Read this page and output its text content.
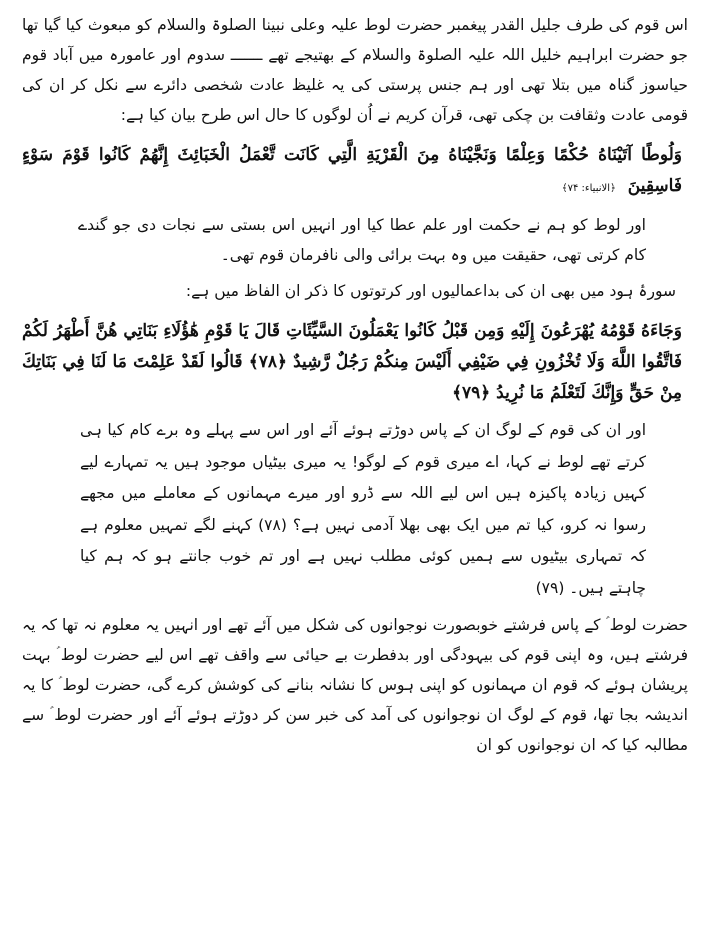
اس قوم کی طرف جلیل القدر پیغمبر حضرت لوط علیہ وعلی نبینا الصلوۃ والسلام کو مبعوث کیا گیا تھا جو حضرت ابراہیم خلیل اللہ علیہ الصلوۃ والسلام کے بھتیجے تھے ـــــــ سدوم اور عامورہ میں آباد قوم حیاسوز گناہ میں بتلا تھی اور ہم جنس پرستی کی یہ غلیظ عادت شخصی دائرے سے نکل کر ان کی قومی عادت وثقافت بن چکی تھی، قرآن کریم نے اُن لوگوں کا حال اس طرح بیان کیا ہے:

وَلُوطًا آتَيْنَاهُ حُكْمًا وَعِلْمًا وَنَجَّيْنَاهُ مِنَ الْقَرْيَةِ الَّتِي كَانَت تَّعْمَلُ الْخَبَائِثَ إِنَّهُمْ كَانُوا قَوْمَ سَوْءٍ فَاسِقِينَ ﴿الانبیاء: ۷۴﴾

اور لوط کو ہم نے حکمت اور علم عطا کیا اور انہیں اس بستی سے نجات دی جو گندے کام کرتی تھی، حقیقت میں وہ بہت برائی والی نافرمان قوم تھی۔

سورۂ ہود میں بھی ان کی بداعمالیوں اور کرتوتوں کا ذکر ان الفاظ میں ہے:

وَجَاءَهُ قَوْمُهُ يُهْرَعُونَ إِلَيْهِ وَمِن قَبْلُ كَانُوا يَعْمَلُونَ السَّيِّئَاتِ قَالَ يَا قَوْمِ هَٰؤُلَاءِ بَنَاتِي هُنَّ أَطْهَرُ لَكُمْ فَاتَّقُوا اللَّهَ وَلَا تُخْزُونِ فِي ضَيْفِي أَلَيْسَ مِنكُمْ رَجُلٌ رَّشِيدٌ ﴿٧٨﴾ قَالُوا لَقَدْ عَلِمْتَ مَا لَنَا فِي بَنَاتِكَ مِنْ حَقٍّ وَإِنَّكَ لَتَعْلَمُ مَا نُرِيدُ ﴿٧٩﴾

اور ان کی قوم کے لوگ ان کے پاس دوڑتے ہوئے آئے اور اس سے پہلے وہ برے کام کیا ہی کرتے تھے لوط نے کہا، اے میری قوم کے لوگو! یہ میری بیٹیاں موجود ہیں یہ تمہارے لیے کہیں زیادہ پاکیزہ ہیں اس لیے اللہ سے ڈرو اور میرے مہمانوں کے معاملے میں مجھے رسوا نہ کرو، کیا تم میں ایک بھی بھلا آدمی نہیں ہے؟ (۷۸) کہنے لگے تمہیں معلوم ہے کہ تمہاری بیٹیوں سے ہمیں کوئی مطلب نہیں ہے اور تم خوب جانتے ہو کہ ہم کیا چاہتے ہیں۔ (۷۹)

حضرت لوط ؑ کے پاس فرشتے خوبصورت نوجوانوں کی شکل میں آئے تھے اور انہیں یہ معلوم نہ تھا کہ یہ فرشتے ہیں، وہ اپنی قوم کی بیہودگی اور بدفطرت بے حیائی سے واقف تھے اس لیے حضرت لوط ؑ بہت پریشان ہوئے کہ قوم ان مہمانوں کو اپنی ہوس کا نشانہ بنانے کی کوشش کرے گی، حضرت لوط ؑ کا یہ اندیشہ بجا تھا، قوم کے لوگ ان نوجوانوں کی آمد کی خبر سن کر دوڑتے ہوئے آئے اور حضرت لوط ؑ سے مطالبہ کیا کہ ان نوجوانوں کو ان
